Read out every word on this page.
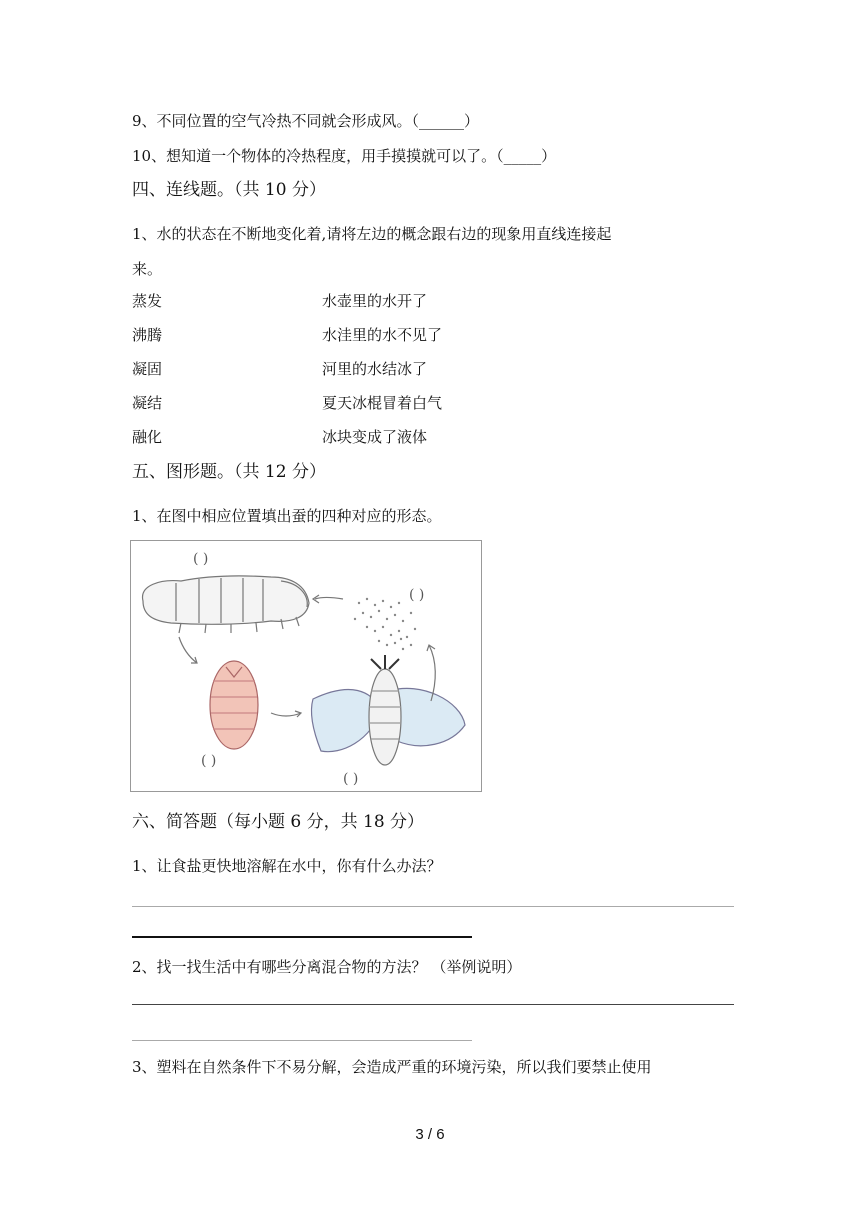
9、不同位置的空气冷热不同就会形成风。（______）
10、想知道一个物体的冷热程度，用手摸摸就可以了。（_____）
四、连线题。（共 10 分）
1、水的状态在不断地变化着,请将左边的概念跟右边的现象用直线连接起
来。
蒸发
沸腾
凝固
凝结
融化
水壶里的水开了
水洼里的水不见了
河里的水结冰了
夏天冰棍冒着白气
冰块变成了液体
五、图形题。（共 12 分）
1、在图中相应位置填出蚕的四种对应的形态。
( )
( )
( )
( )
六、简答题（每小题 6 分，共 18 分）
1、让食盐更快地溶解在水中，你有什么办法？
2、找一找生活中有哪些分离混合物的方法？ （举例说明）
3、塑料在自然条件下不易分解，会造成严重的环境污染，所以我们要禁止使用
3 / 6
